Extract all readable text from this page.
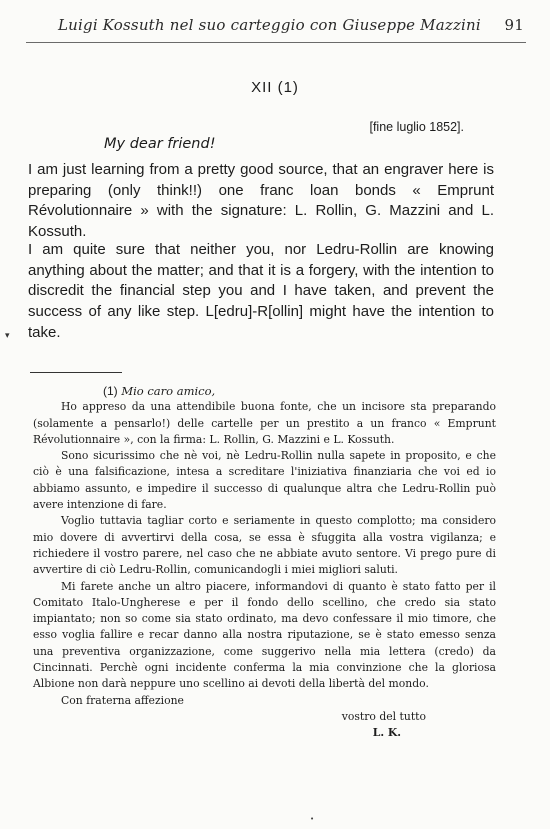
Luigi Kossuth nel suo carteggio con Giuseppe Mazzini 91
XII (1)
[fine luglio 1852].
My dear friend!

I am just learning from a pretty good source, that an engraver here is preparing (only think!!) one franc loan bonds « Emprunt Révolutionnaire » with the signature: L. Rollin, G. Mazzini and L. Kossuth.

I am quite sure that neither you, nor Ledru-Rollin are knowing anything about the matter; and that it is a forgery, with the intention to discredit the financial step you and I have taken, and prevent the success of any like step. L[edru]-R[ollin] might have the intention to take.

▾

(1) Mio caro amico,

Ho appreso da una attendibile buona fonte, che un incisore sta preparando (solamente a pensarlo!) delle cartelle per un prestito a un franco « Emprunt Révolutionnaire », con la firma: L. Rollin, G. Mazzini e L. Kossuth.

Sono sicurissimo che nè voi, nè Ledru-Rollin nulla sapete in proposito, e che ciò è una falsificazione, intesa a screditare l'iniziativa finanziaria che voi ed io abbiamo assunto, e impedire il successo di qualunque altra che Ledru-Rollin può avere intenzione di fare.

Voglio tuttavia tagliar corto e seriamente in questo complotto; ma considero mio dovere di avvertirvi della cosa, se essa è sfuggita alla vostra vigilanza; e richiedere il vostro parere, nel caso che ne abbiate avuto sentore. Vi prego pure di avvertire di ciò Ledru-Rollin, comunicandogli i miei migliori saluti.

Mi farete anche un altro piacere, informandovi di quanto è stato fatto per il Comitato Italo-Ungherese e per il fondo dello scellino, che credo sia stato impiantato; non so come sia stato ordinato, ma devo confessare il mio timore, che esso voglia fallire e recar danno alla nostra riputazione, se è stato emesso senza una preventiva organizzazione, come suggerivo nella mia lettera (credo) da Cincinnati. Perchè ogni incidente conferma la mia convinzione che la gloriosa Albione non darà neppure uno scellino ai devoti della libertà del mondo.

Con fraterna affezione

vostro del tutto

L. K.

•
